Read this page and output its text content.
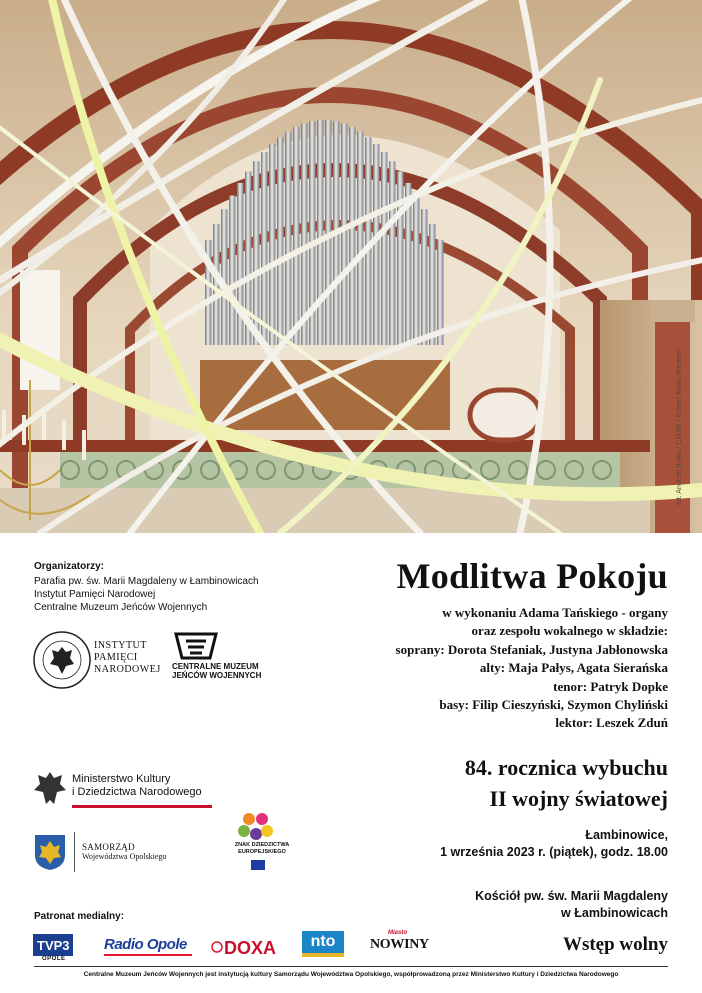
fot. Andrzej Bojko / CMJW / Robert Adam Wiesner
Organizatorzy:
Parafia pw. św. Marii Magdaleny w Łambinowicach
Instytut Pamięci Narodowej
Centralne Muzeum Jeńców Wojennych
INSTYTUT
PAMIĘCI
NARODOWEJ CENTRALNE MUZEUM
JEŃCÓW WOJENNYCH
Ministerstwo Kultury
i Dziedzictwa Narodowego
SAMORZĄD
Województwa Opolskiego
ZNAK DZIEDZICTWA
EUROPEJSKIEGO
Patronat medialny:
TVP3
OPOLE
Radio Opole DOXA	nto	Miasto
NOWINY
Modlitwa Pokoju
w wykonaniu Adama Tańskiego - organy
oraz zespołu wokalnego w składzie:
soprany: Dorota Stefaniak, Justyna Jabłonowska
alty: Maja Pałys, Agata Sierańska
tenor: Patryk Dopke
basy: Filip Cieszyński, Szymon Chyliński
lektor: Leszek Zduń
84. rocznica wybuchu
II wojny światowej
Łambinowice,
1 września 2023 r. (piątek), godz. 18.00
Kościół pw. św. Marii Magdaleny
w Łambinowicach
Wstęp wolny
Centralne Muzeum Jeńców Wojennych jest instytucją kultury Samorządu Województwa Opolskiego, współprowadzoną przez Ministerstwo Kultury i Dziedzictwa Narodowego
